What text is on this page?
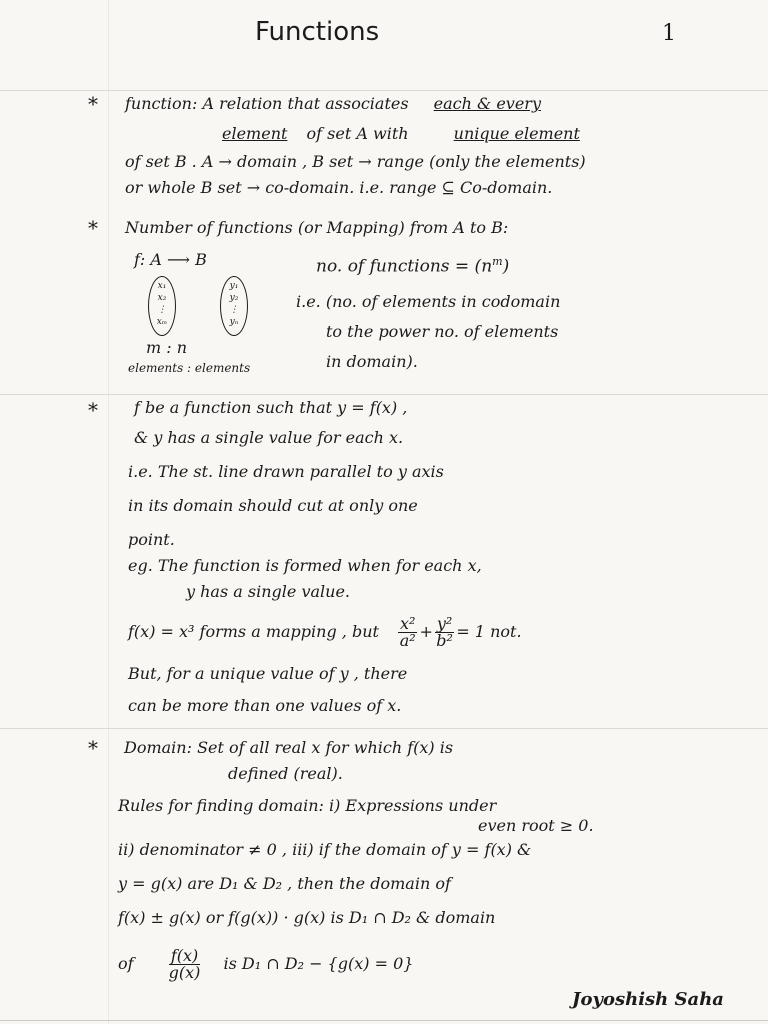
Functions	1
* function: A relation that associates each & every
element of set A with	unique element
of set B . A → domain , B set → range (only the elements)
or whole B set → co-domain. i.e. range ⊆ Co-domain.
* Number of functions (or Mapping) from A to B:
f: A ⟶ B	no. of functions = $(n^m)$
x₁
x₂
⋮
xₘ
y₁
y₂
⋮
yₙ
i.e. (no. of elements in codomain
to the power no. of elements
m : n
elements : elements	in domain).
* f be a function such that y = f(x) ,
& y has a single value for each x.
i.e. The st. line drawn parallel to y axis
in its domain should cut at only one
point.
eg. The function is formed when for each x,
y has a single value.
f(x) = x³ forms a mapping , but $\frac{\text{x²}}{\text{a²}} + \frac{\text{y²}}{\text{b²}} = 1$ not.
But, for a unique value of y , there
can be more than one values of x.
* Domain: Set of all real x for which f(x) is
defined (real).
Rules for finding domain: i) Expressions under
even root ≥ 0.
ii) denominator ≠ 0 , iii) if the domain of y = f(x) &
y = g(x) are D₁ & D₂ , then the domain of
f(x) ± g(x) or f(g(x)) · g(x) is D₁ ∩ D₂ & domain
of $\frac{f(x)}{g(x)}$ is D₁ ∩ D₂ − {g(x) = 0}
Joyoshish Saha
